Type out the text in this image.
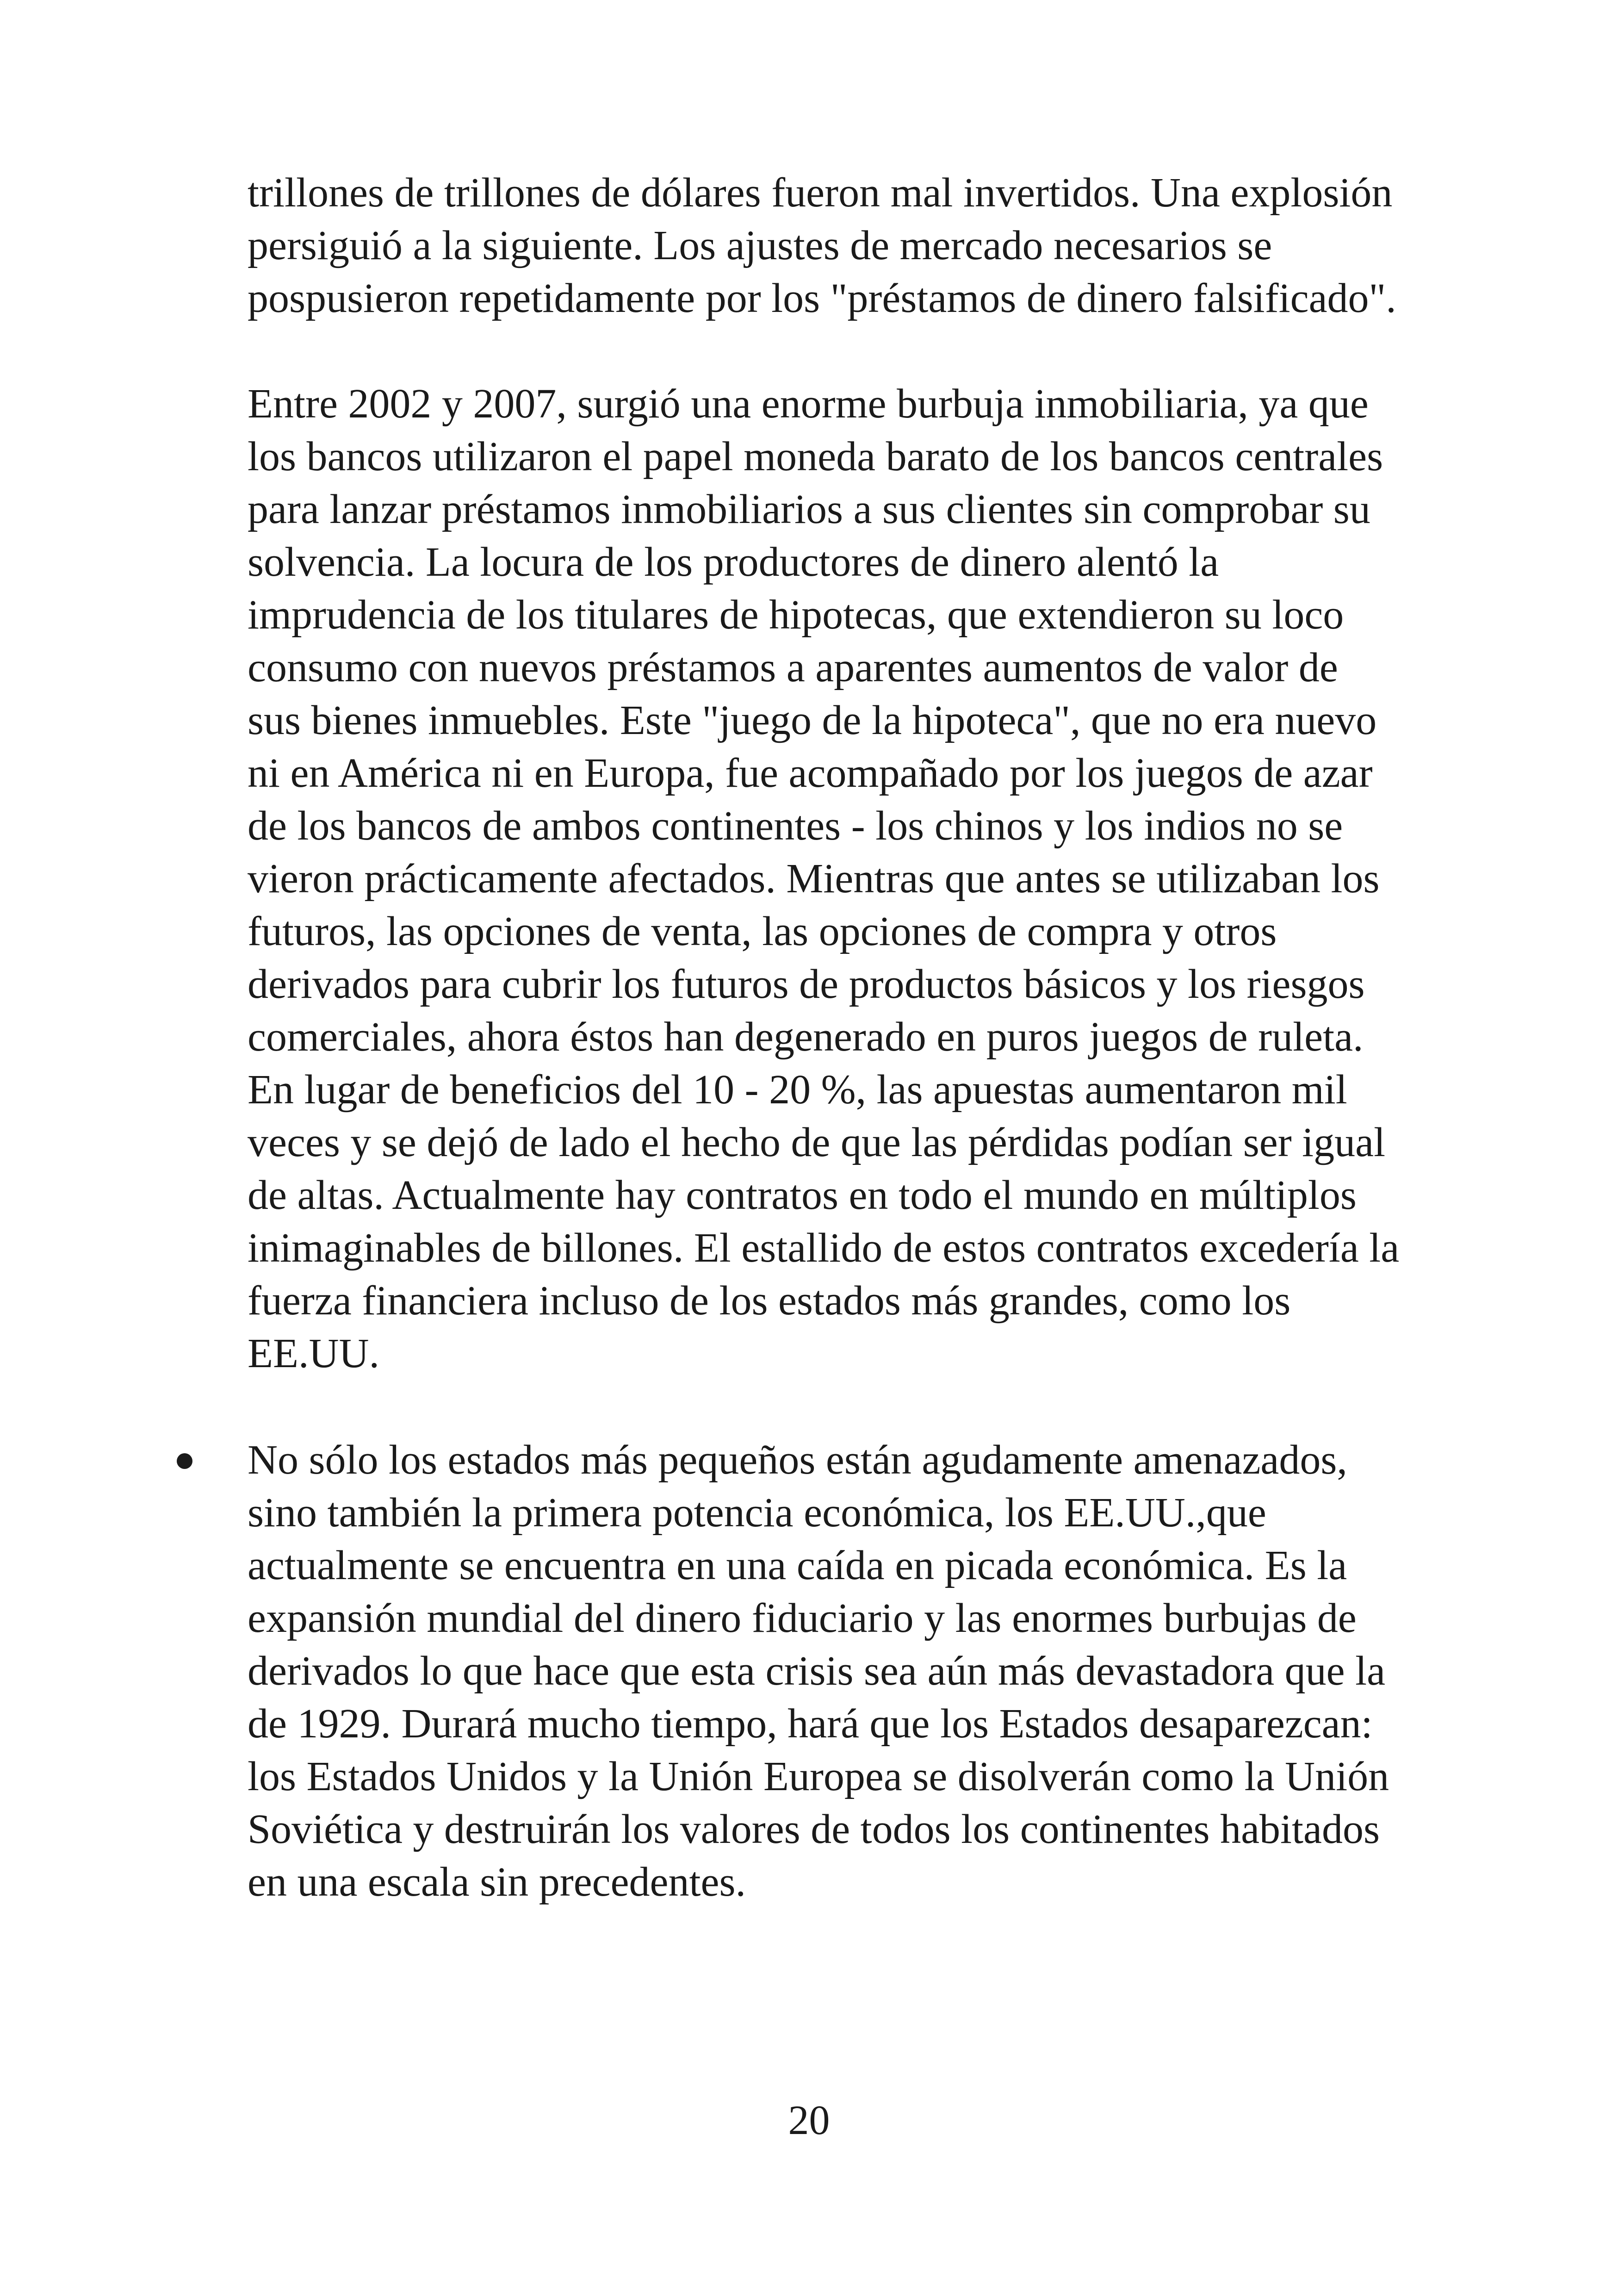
trillones de trillones de dólares fueron mal invertidos. Una explosión

persiguió a la siguiente. Los ajustes de mercado necesarios se

pospusieron repetidamente por los "préstamos de dinero falsificado".

Entre 2002 y 2007, surgió una enorme burbuja inmobiliaria, ya que

los bancos utilizaron el papel moneda barato de los bancos centrales

para lanzar préstamos inmobiliarios a sus clientes sin comprobar su

solvencia. La locura de los productores de dinero alentó la

imprudencia de los titulares de hipotecas, que extendieron su loco

consumo con nuevos préstamos a aparentes aumentos de valor de

sus bienes inmuebles. Este "juego de la hipoteca", que no era nuevo

ni en América ni en Europa, fue acompañado por los juegos de azar

de los bancos de ambos continentes - los chinos y los indios no se

vieron prácticamente afectados. Mientras que antes se utilizaban los

futuros, las opciones de venta, las opciones de compra y otros

derivados para cubrir los futuros de productos básicos y los riesgos

comerciales, ahora éstos han degenerado en puros juegos de ruleta.

En lugar de beneficios del 10 - 20 %, las apuestas aumentaron mil

veces y se dejó de lado el hecho de que las pérdidas podían ser igual

de altas. Actualmente hay contratos en todo el mundo en múltiplos

inimaginables de billones. El estallido de estos contratos excedería la

fuerza financiera incluso de los estados más grandes, como los

EE.UU.

No sólo los estados más pequeños están agudamente amenazados,

sino también la primera potencia económica, los EE.UU.,que

actualmente se encuentra en una caída en picada económica. Es la

expansión mundial del dinero fiduciario y las enormes burbujas de

derivados lo que hace que esta crisis sea aún más devastadora que la

de 1929. Durará mucho tiempo, hará que los Estados desaparezcan:

los Estados Unidos y la Unión Europea se disolverán como la Unión

Soviética y destruirán los valores de todos los continentes habitados

en una escala sin precedentes.

20
